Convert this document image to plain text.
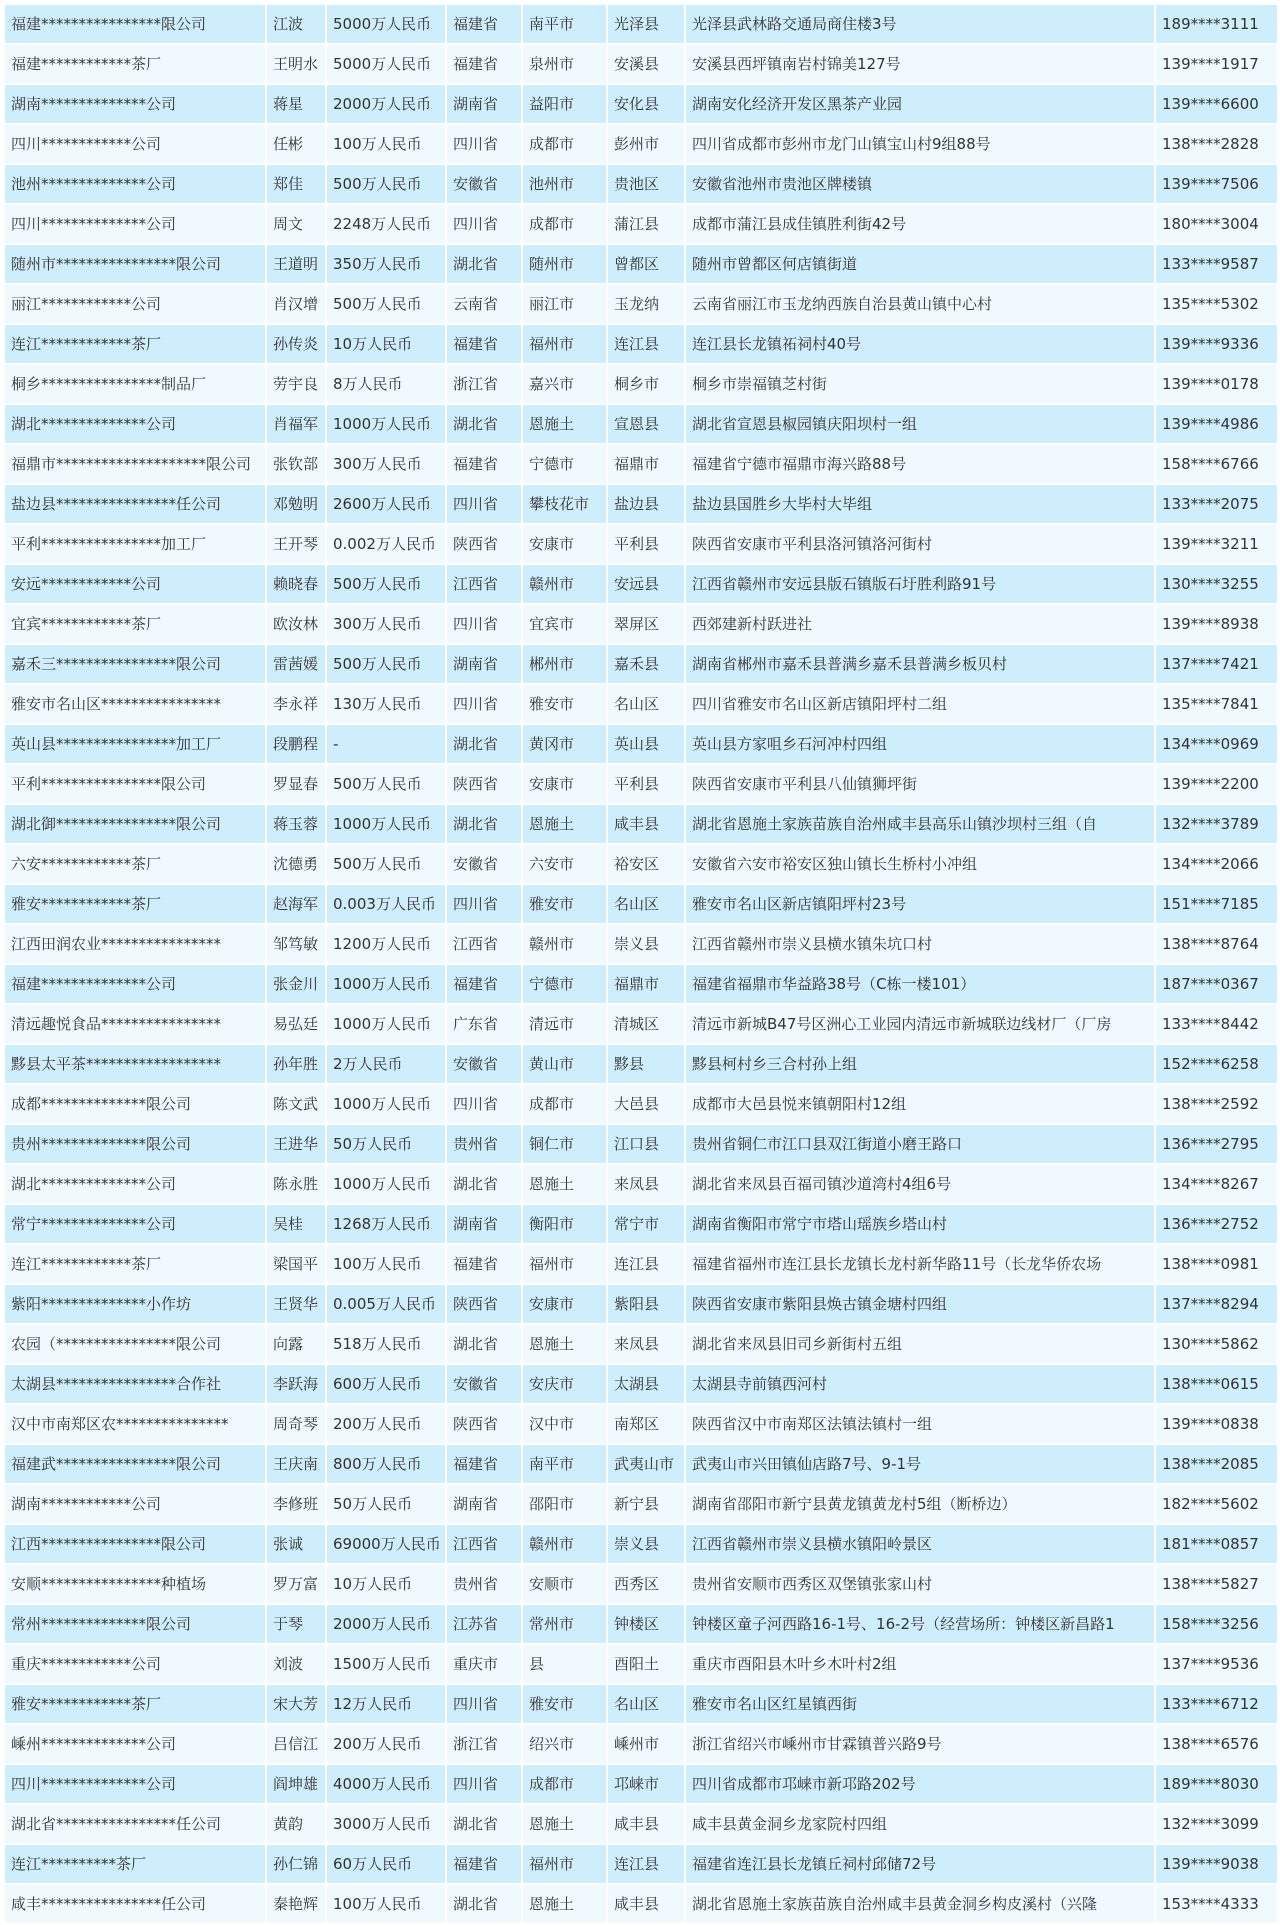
福建****************限公司	江波	5000万人民币	福建省	南平市	光泽县	光泽县武林路交通局商住楼3号	189****3111
福建************茶厂	王明水	5000万人民币	福建省	泉州市	安溪县	安溪县西坪镇南岩村锦美127号	139****1917
湖南**************公司	蒋星	2000万人民币	湖南省	益阳市	安化县	湖南安化经济开发区黑茶产业园	139****6600
四川************公司	任彬	100万人民币	四川省	成都市	彭州市	四川省成都市彭州市龙门山镇宝山村9组88号	138****2828
池州**************公司	郑佳	500万人民币	安徽省	池州市	贵池区	安徽省池州市贵池区牌楼镇	139****7506
四川**************公司	周文	2248万人民币	四川省	成都市	蒲江县	成都市蒲江县成佳镇胜利街42号	180****3004
随州市****************限公司	王道明	350万人民币	湖北省	随州市	曾都区	随州市曾都区何店镇街道	133****9587
丽江************公司	肖汉增	500万人民币	云南省	丽江市	玉龙纳	云南省丽江市玉龙纳西族自治县黄山镇中心村	135****5302
连江************茶厂	孙传炎	10万人民币	福建省	福州市	连江县	连江县长龙镇祏祠村40号	139****9336
桐乡****************制品厂	劳宇良	8万人民币	浙江省	嘉兴市	桐乡市	桐乡市崇福镇芝村街	139****0178
湖北**************公司	肖福军	1000万人民币	湖北省	恩施土	宣恩县	湖北省宣恩县椒园镇庆阳坝村一组	139****4986
福鼎市********************限公司	张钦部	300万人民币	福建省	宁德市	福鼎市	福建省宁德市福鼎市海兴路88号	158****6766
盐边县****************任公司	邓勉明	2600万人民币	四川省	攀枝花市	盐边县	盐边县国胜乡大毕村大毕组	133****2075
平利****************加工厂	王开琴	0.002万人民币	陕西省	安康市	平利县	陕西省安康市平利县洛河镇洛河街村	139****3211
安远************公司	赖晓春	500万人民币	江西省	赣州市	安远县	江西省赣州市安远县版石镇版石圩胜利路91号	130****3255
宜宾************茶厂	欧汝林	300万人民币	四川省	宜宾市	翠屏区	西郊建新村跃进社	139****8938
嘉禾三****************限公司	雷茜媛	500万人民币	湖南省	郴州市	嘉禾县	湖南省郴州市嘉禾县普满乡嘉禾县普满乡板贝村	137****7421
雅安市名山区****************	李永祥	130万人民币	四川省	雅安市	名山区	四川省雅安市名山区新店镇阳坪村二组	135****7841
英山县****************加工厂	段鹏程	-	湖北省	黄冈市	英山县	英山县方家咀乡石河冲村四组	134****0969
平利****************限公司	罗显春	500万人民币	陕西省	安康市	平利县	陕西省安康市平利县八仙镇狮坪街	139****2200
湖北御****************限公司	蒋玉蓉	1000万人民币	湖北省	恩施土	咸丰县	湖北省恩施土家族苗族自治州咸丰县高乐山镇沙坝村三组（自	132****3789
六安************茶厂	沈德勇	500万人民币	安徽省	六安市	裕安区	安徽省六安市裕安区独山镇长生桥村小冲组	134****2066
雅安************茶厂	赵海军	0.003万人民币	四川省	雅安市	名山区	雅安市名山区新店镇阳坪村23号	151****7185
江西田润农业****************	邹笃敏	1200万人民币	江西省	赣州市	崇义县	江西省赣州市崇义县横水镇朱坑口村	138****8764
福建**************公司	张金川	1000万人民币	福建省	宁德市	福鼎市	福建省福鼎市华益路38号（C栋一楼101）	187****0367
清远趣悦食品****************	易弘廷	1000万人民币	广东省	清远市	清城区	清远市新城B47号区洲心工业园内清远市新城联边线材厂（厂房	133****8442
黟县太平茶******************	孙年胜	2万人民币	安徽省	黄山市	黟县	黟县柯村乡三合村孙上组	152****6258
成都**************限公司	陈文武	1000万人民币	四川省	成都市	大邑县	成都市大邑县悦来镇朝阳村12组	138****2592
贵州**************限公司	王进华	50万人民币	贵州省	铜仁市	江口县	贵州省铜仁市江口县双江街道小磨王路口	136****2795
湖北**************公司	陈永胜	1000万人民币	湖北省	恩施土	来凤县	湖北省来凤县百福司镇沙道湾村4组6号	134****8267
常宁**************公司	吴桂	1268万人民币	湖南省	衡阳市	常宁市	湖南省衡阳市常宁市塔山瑶族乡塔山村	136****2752
连江************茶厂	梁国平	100万人民币	福建省	福州市	连江县	福建省福州市连江县长龙镇长龙村新华路11号（长龙华侨农场	138****0981
紫阳**************小作坊	王贤华	0.005万人民币	陕西省	安康市	紫阳县	陕西省安康市紫阳县焕古镇金塘村四组	137****8294
农园（****************限公司	向露	518万人民币	湖北省	恩施土	来凤县	湖北省来凤县旧司乡新街村五组	130****5862
太湖县****************合作社	李跃海	600万人民币	安徽省	安庆市	太湖县	太湖县寺前镇西河村	138****0615
汉中市南郑区农***************	周奇琴	200万人民币	陕西省	汉中市	南郑区	陕西省汉中市南郑区法镇法镇村一组	139****0838
福建武****************限公司	王庆南	800万人民币	福建省	南平市	武夷山市	武夷山市兴田镇仙店路7号、9-1号	138****2085
湖南************公司	李修班	50万人民币	湖南省	邵阳市	新宁县	湖南省邵阳市新宁县黄龙镇黄龙村5组（断桥边）	182****5602
江西****************限公司	张诚	69000万人民币	江西省	赣州市	崇义县	江西省赣州市崇义县横水镇阳岭景区	181****0857
安顺****************种植场	罗万富	10万人民币	贵州省	安顺市	西秀区	贵州省安顺市西秀区双堡镇张家山村	138****5827
常州**************限公司	于琴	2000万人民币	江苏省	常州市	钟楼区	钟楼区童子河西路16-1号、16-2号（经营场所：钟楼区新昌路1	158****3256
重庆************公司	刘波	1500万人民币	重庆市	县	酉阳土	重庆市酉阳县木叶乡木叶村2组	137****9536
雅安************茶厂	宋大芳	12万人民币	四川省	雅安市	名山区	雅安市名山区红星镇西街	133****6712
嵊州**************公司	吕信江	200万人民币	浙江省	绍兴市	嵊州市	浙江省绍兴市嵊州市甘霖镇普兴路9号	138****6576
四川**************公司	阎坤雄	4000万人民币	四川省	成都市	邛崃市	四川省成都市邛崃市新邛路202号	189****8030
湖北省****************任公司	黄韵	3000万人民币	湖北省	恩施土	咸丰县	咸丰县黄金洞乡龙家院村四组	132****3099
连江**********茶厂	孙仁锦	60万人民币	福建省	福州市	连江县	福建省连江县长龙镇丘祠村邱储72号	139****9038
咸丰****************任公司	秦艳辉	100万人民币	湖北省	恩施土	咸丰县	湖北省恩施土家族苗族自治州咸丰县黄金洞乡构皮溪村（兴隆	153****4333
